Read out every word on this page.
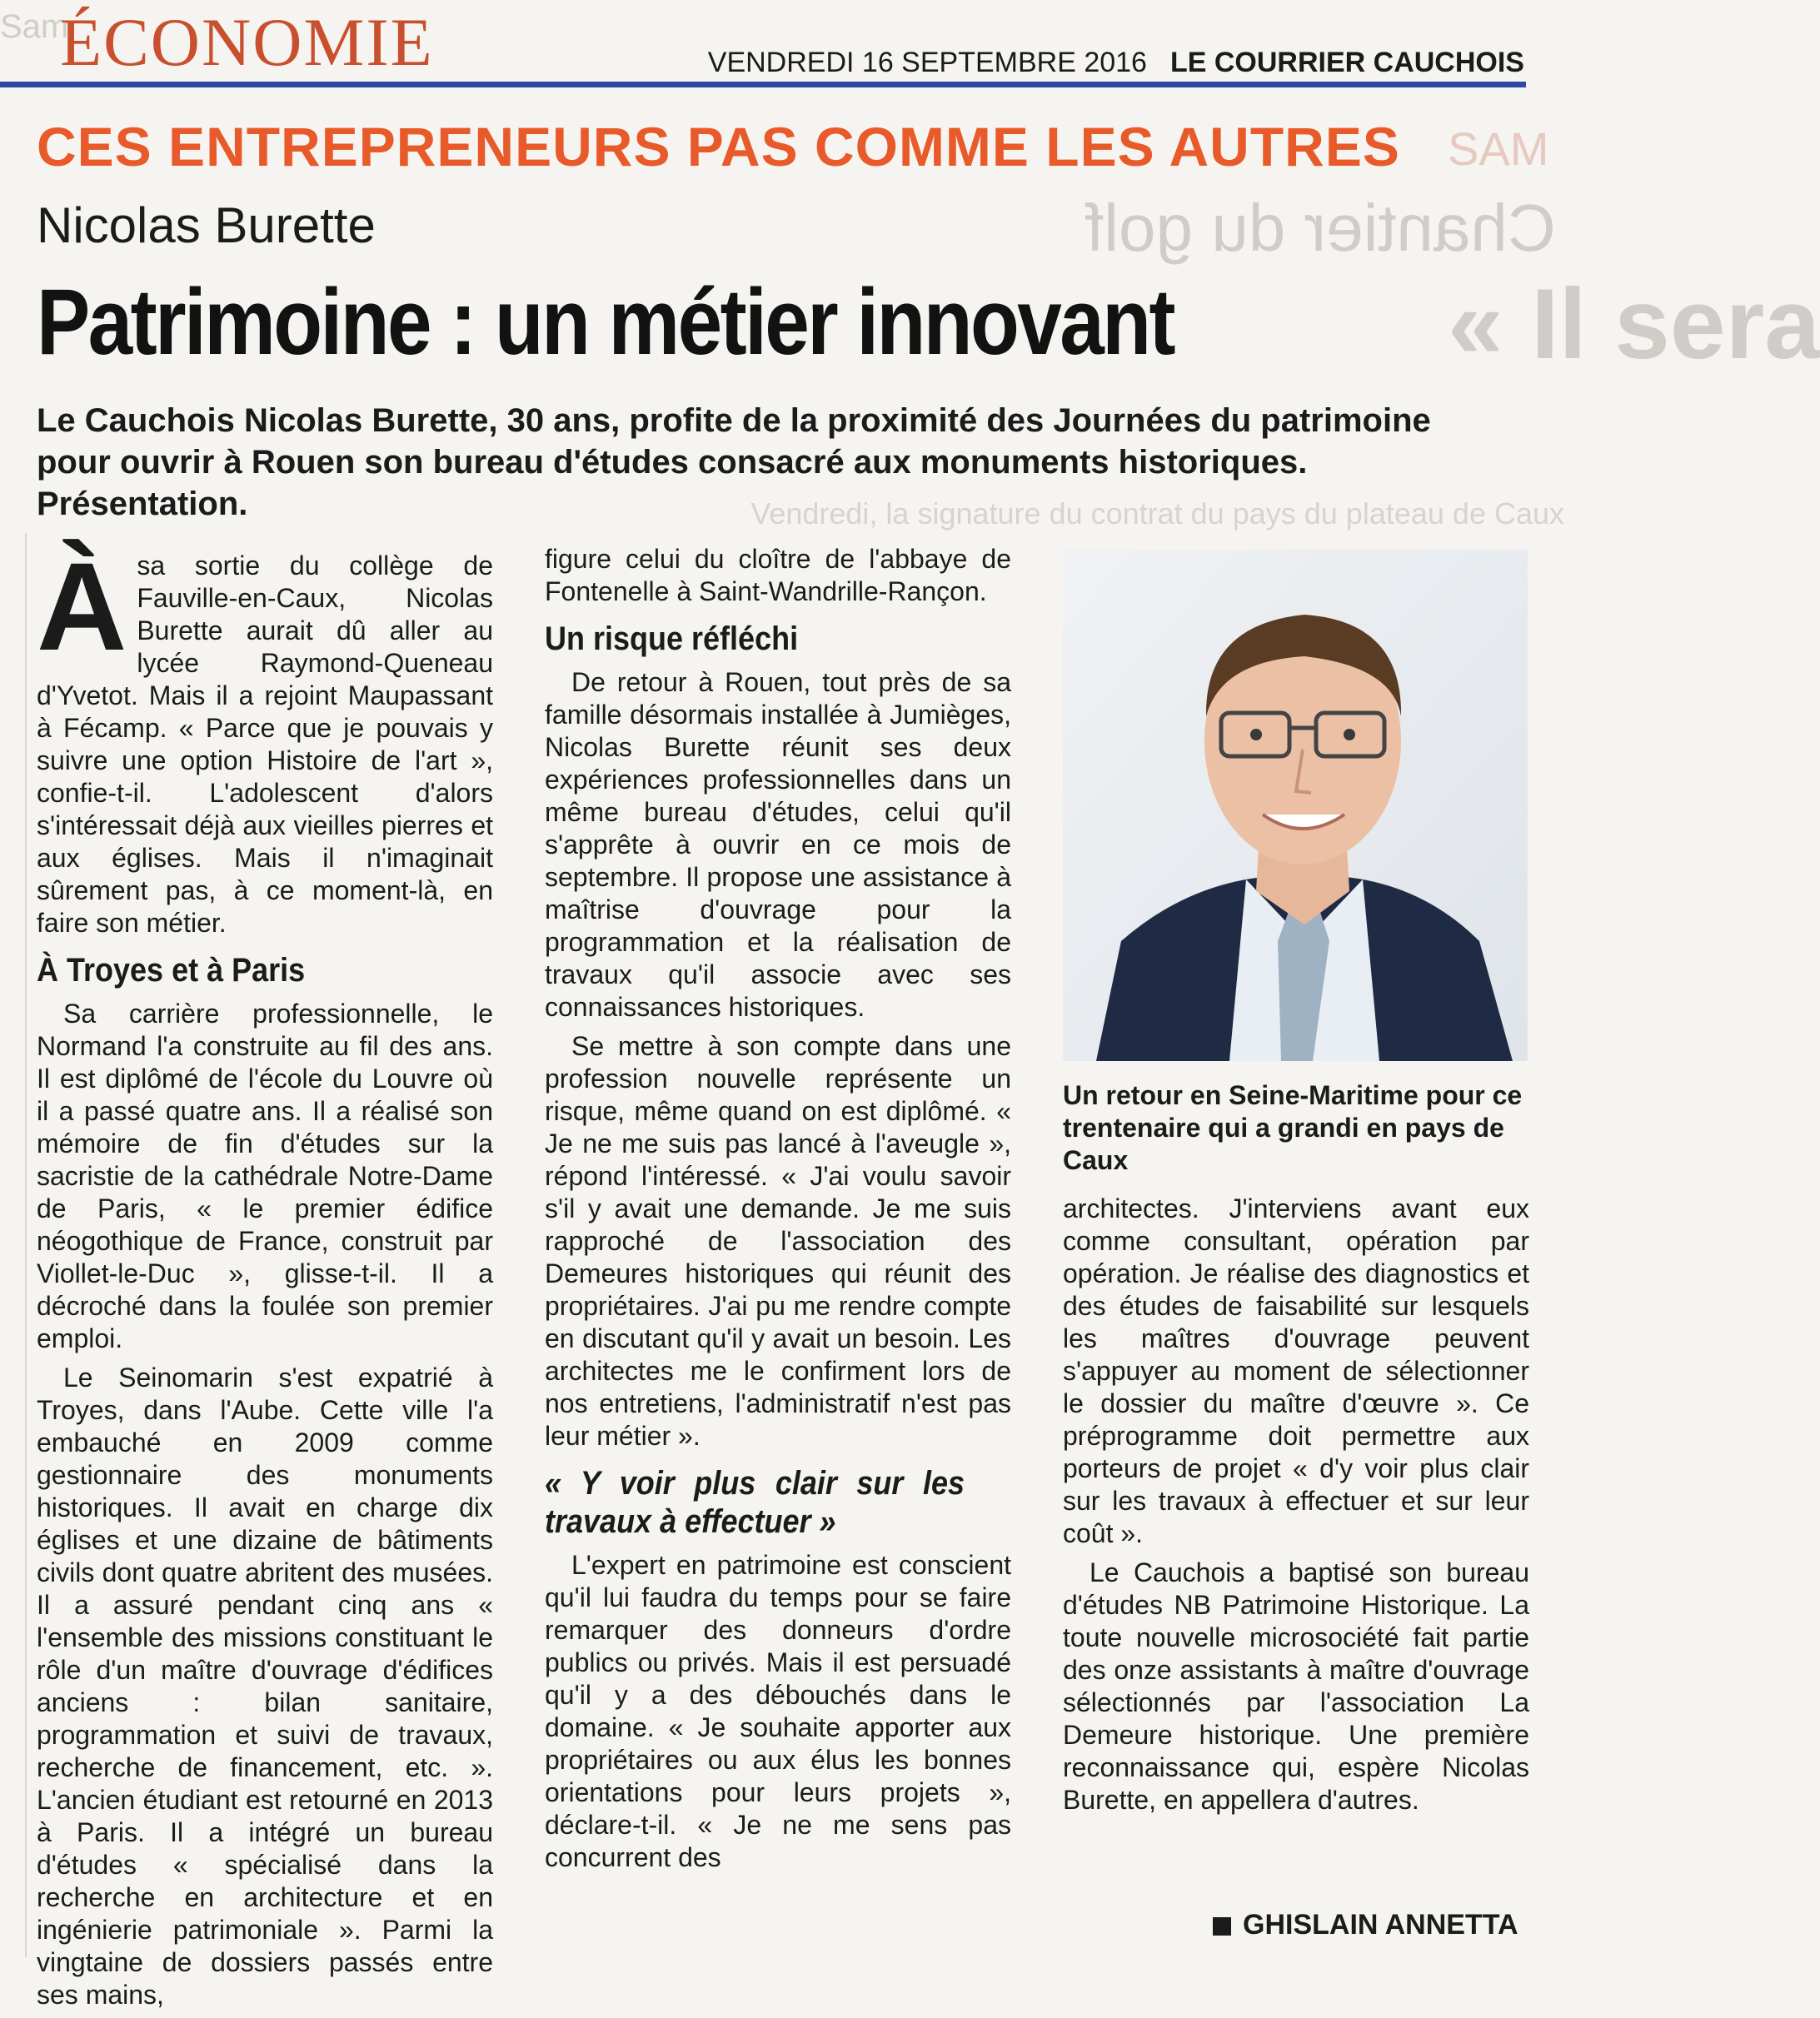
Sam
SAM
Chantier du golf
« Il sera
Vendredi, la signature du contrat du pays du plateau de Caux
ÉCONOMIE	VENDREDI 16 SEPTEMBRE 2016 LE COURRIER CAUCHOIS
CES ENTREPRENEURS PAS COMME LES AUTRES
Nicolas Burette
Patrimoine : un métier innovant
Le Cauchois Nicolas Burette, 30 ans, profite de la proximité des Journées du patrimoine pour ouvrir à Rouen son bureau d'études consacré aux monuments historiques. Présentation.

À sa sortie du collège de Fauville-en-Caux, Nicolas Burette aurait dû aller au lycée Raymond-Queneau d'Yvetot. Mais il a rejoint Maupassant à Fécamp. « Parce que je pouvais y suivre une option Histoire de l'art », confie-t-il. L'adolescent d'alors s'intéressait déjà aux vieilles pierres et aux églises. Mais il n'imaginait sûrement pas, à ce moment-là, en faire son métier.

À Troyes et à Paris

Sa carrière professionnelle, le Normand l'a construite au fil des ans. Il est diplômé de l'école du Louvre où il a passé quatre ans. Il a réalisé son mémoire de fin d'études sur la sacristie de la cathédrale Notre-Dame de Paris, « le premier édifice néogothique de France, construit par Viollet-le-Duc », glisse-t-il. Il a décroché dans la foulée son premier emploi.

Le Seinomarin s'est expatrié à Troyes, dans l'Aube. Cette ville l'a embauché en 2009 comme gestionnaire des monuments historiques. Il avait en charge dix églises et une dizaine de bâtiments civils dont quatre abritent des musées. Il a assuré pendant cinq ans « l'ensemble des missions constituant le rôle d'un maître d'ouvrage d'édifices anciens : bilan sanitaire, programmation et suivi de travaux, recherche de financement, etc. ». L'ancien étudiant est retourné en 2013 à Paris. Il a intégré un bureau d'études « spécialisé dans la recherche en architecture et en ingénierie patrimoniale ». Parmi la vingtaine de dossiers passés entre ses mains,

figure celui du cloître de l'abbaye de Fontenelle à Saint-Wandrille-Rançon.

Un risque réfléchi

De retour à Rouen, tout près de sa famille désormais installée à Jumièges, Nicolas Burette réunit ses deux expériences professionnelles dans un même bureau d'études, celui qu'il s'apprête à ouvrir en ce mois de septembre. Il propose une assistance à maîtrise d'ouvrage pour la programmation et la réalisation de travaux qu'il associe avec ses connaissances historiques.

Se mettre à son compte dans une profession nouvelle représente un risque, même quand on est diplômé. « Je ne me suis pas lancé à l'aveugle », répond l'intéressé. « J'ai voulu savoir s'il y avait une demande. Je me suis rapproché de l'association des Demeures historiques qui réunit des propriétaires. J'ai pu me rendre compte en discutant qu'il y avait un besoin. Les architectes me le confirment lors de nos entretiens, l'administratif n'est pas leur métier ».

« Y voir plus clair sur les travaux à effectuer »

L'expert en patrimoine est conscient qu'il lui faudra du temps pour se faire remarquer des donneurs d'ordre publics ou privés. Mais il est persuadé qu'il y a des débouchés dans le domaine. « Je souhaite apporter aux propriétaires ou aux élus les bonnes orientations pour leurs projets », déclare-t-il. « Je ne me sens pas concurrent des

Un retour en Seine-Maritime pour ce trentenaire qui a grandi en pays de Caux

architectes. J'interviens avant eux comme consultant, opération par opération. Je réalise des diagnostics et des études de faisabilité sur lesquels les maîtres d'ouvrage peuvent s'appuyer au moment de sélectionner le dossier du maître d'œuvre ». Ce préprogramme doit permettre aux porteurs de projet « d'y voir plus clair sur les travaux à effectuer et sur leur coût ».

Le Cauchois a baptisé son bureau d'études NB Patrimoine Historique. La toute nouvelle microsociété fait partie des onze assistants à maître d'ouvrage sélectionnés par l'association La Demeure historique. Une première reconnaissance qui, espère Nicolas Burette, en appellera d'autres.

GHISLAIN ANNETTA
